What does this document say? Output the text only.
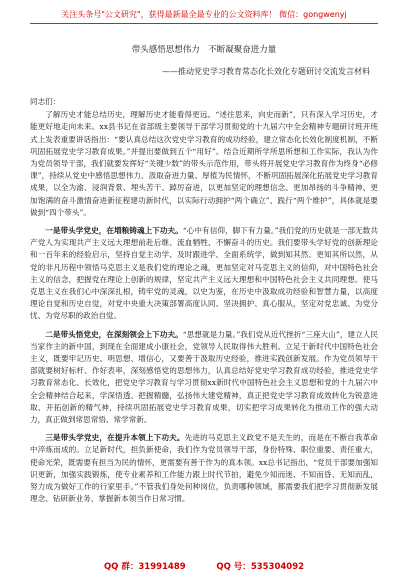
关注头条号"公文研究"，获得最新最全最专业的公文资料库！ 微信：gongwenyj
带头感悟思想伟力　不断凝聚奋进力量
——推动党史学习教育常态化长效化专题研讨交流发言材料

同志们：

了解历史才能总结历史，理解历史才能看得更远。“述往思来，向史而新”，只有深入学习历史，才能更好地走向未来。xx县书记在省部级主要领导干部学习贯彻党的十九届六中全会精神专题研讨班开班式上发表重要讲话指出：“要认真总结这次党史学习教育的成功经验，建立常态化长效化制度机制，不断巩固拓展党史学习教育成果。”并提出要做到五个“用好”。结合近期所学所思所想和工作实际，我认为作为党员领导干部，我们就要发挥好“关键少数”的带头示范作用，带头将开展党史学习教育作为终身“必修课”，持续从党史中感悟思想伟力、汲取奋进力量、厚植为民情怀，不断巩固拓展深化拓展党史学习教育成果，以全为渝、浸润背景、埋头苦干、踔厉奋进，以更加坚定的理想信念、更加昂扬的斗争精神、更加饱满的奋斗激情奋进新征程建功新时代，以实际行动拥护“两个确立”、践行“两个维护”，具体就是要做到“四个带头”。

一是带头学党史，在増粮铸魂上下功夫。“心中有信仰，脚下有力量。”我们党的历史就是一部无数共产党人为实现共产主义远大理想前赴后继、流血牺牲、不懈奋斗的历史。我们要带头学好党的创新理论和一百年来的经验启示，坚持自觉主动学、及时跟进学、全面系统学，做到知其然、更知其所以然，从党的非凡历程中领悟马克思主义是我们党的理论之魂，更加坚定对马克思主义的信仰，对中国特色社会主义的信念，把握党在理论上创新的规律，坚定共产主义远大理想和中国特色社会主义共同理想。使马克思主义在我们心中深深扎根，铸牢党的灵魂，以史为鉴，在历史中汲取成功经验和智慧力量，以高度理论自觉和历史自觉，对党中央重大决策部署高度认同、坚决拥护、真心服从，坚定对党忠诚、为党分忧、为党尽职的政治自觉。

二是带头悟党史，在深刻领会上下功夫。“思想就是力量。”我们党从近代挫折“三座大山”，建立人民当家作主的新中国，到现在全面建成小康社会，党领导人民取得伟大胜利。立足于新时代中国特色社会主义，既要牢记历史、明思想、增信心，又要善于汲取历史经验，推进实践创新发展。作为党员领导干部就要树好标杆、作好表率，深刻感悟党的思想伟力，认真总结好党史学习教育成功经验，推进党史学习教育常态化、长效化，把党史学习教育与学习贯彻xx新时代中国特色社会主义思想和党的十九届六中全会精神结合起来，学深悟透、把握精髓，弘扬伟大建党精神，真正把党史学习教育成效转化为锐意进取、开拓创新的精气神，持续巩固拓展党史学习教育成果，切实把学习成果转化为推动工作的强大动力，真正做到常思常悟、常学常新。

三是带头学党史，在提升本领上下功夫。先进的马克思主义政党不是天生的，而是在不断自我革命中淬炼而成的。立足新时代，担负新使命，我们作为党员领导干部，身份特殊、职位重要、责任重大，使命光荣，既需要有担当为民的情怀，更需要有善于作为的真本领。xx总书记指出，“党员干部要加强知识更新，加强实践锻炼，使专业素养和工作能力跟上时代节拍，避免少知而迷、不知而昏、无知而乱，努力成为做好工作的行家里手。”不管我们身处何种岗位，负责哪种领域，都需要我们把学习贯彻新发展理念、钻研新业务、掌握新本领当作日常习惯。

QQ 群：31991489	QQ 号：535304092
